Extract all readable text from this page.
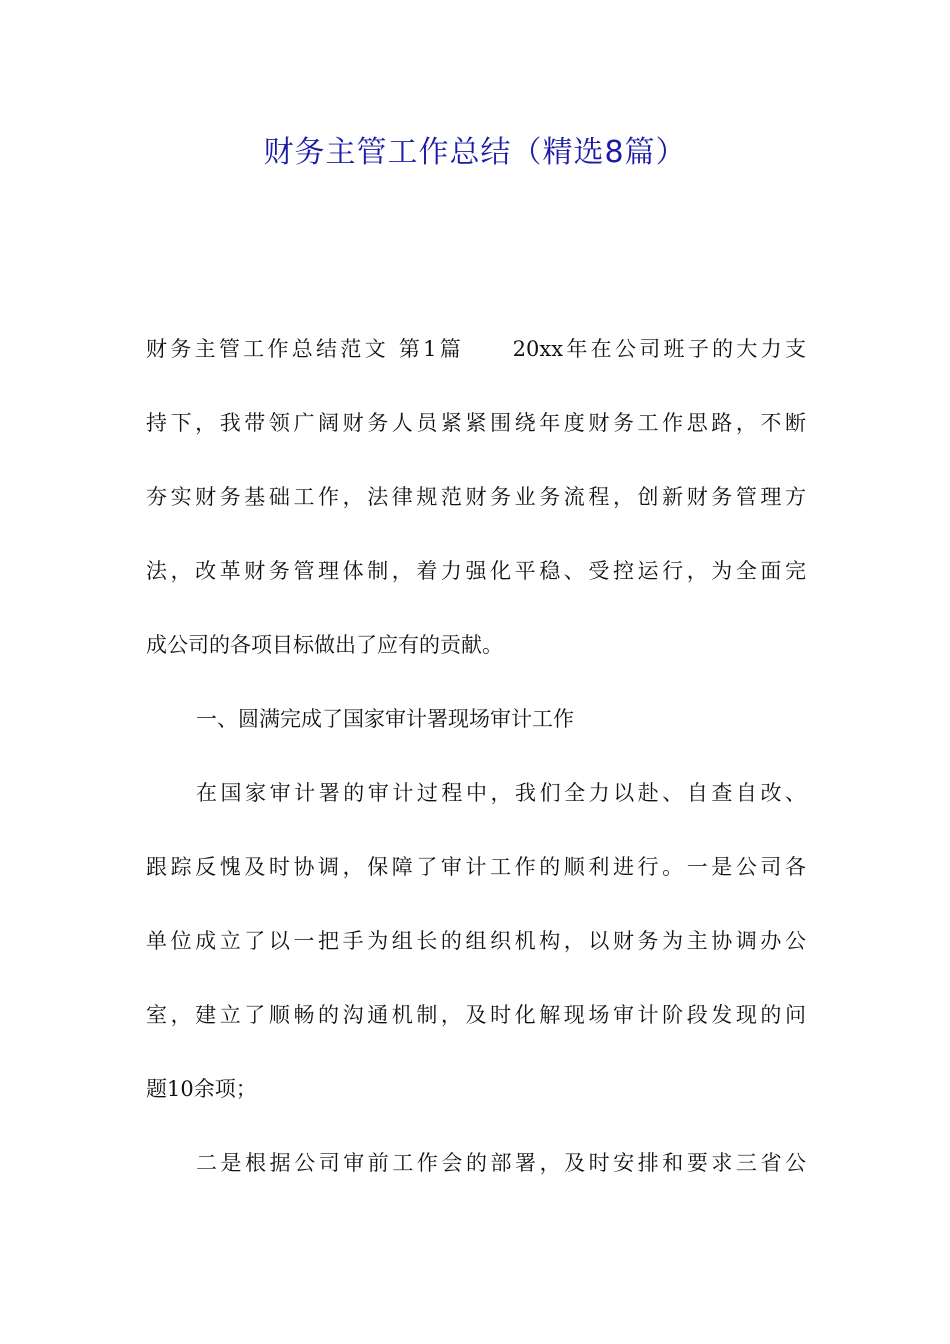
财务主管工作总结（精选8篇）

财务主管工作总结范文 第1篇　　20xx年在公司班子的大力支

持下，我带领广阔财务人员紧紧围绕年度财务工作思路，不断

夯实财务基础工作，法律规范财务业务流程，创新财务管理方

法，改革财务管理体制，着力强化平稳、受控运行，为全面完

成公司的各项目标做出了应有的贡献。

一、圆满完成了国家审计署现场审计工作

在国家审计署的审计过程中，我们全力以赴、自查自改、

跟踪反愧及时协调，保障了审计工作的顺利进行。一是公司各

单位成立了以一把手为组长的组织机构，以财务为主协调办公

室，建立了顺畅的沟通机制，及时化解现场审计阶段发现的问

题10余项；

二是根据公司审前工作会的部署，及时安排和要求三省公
